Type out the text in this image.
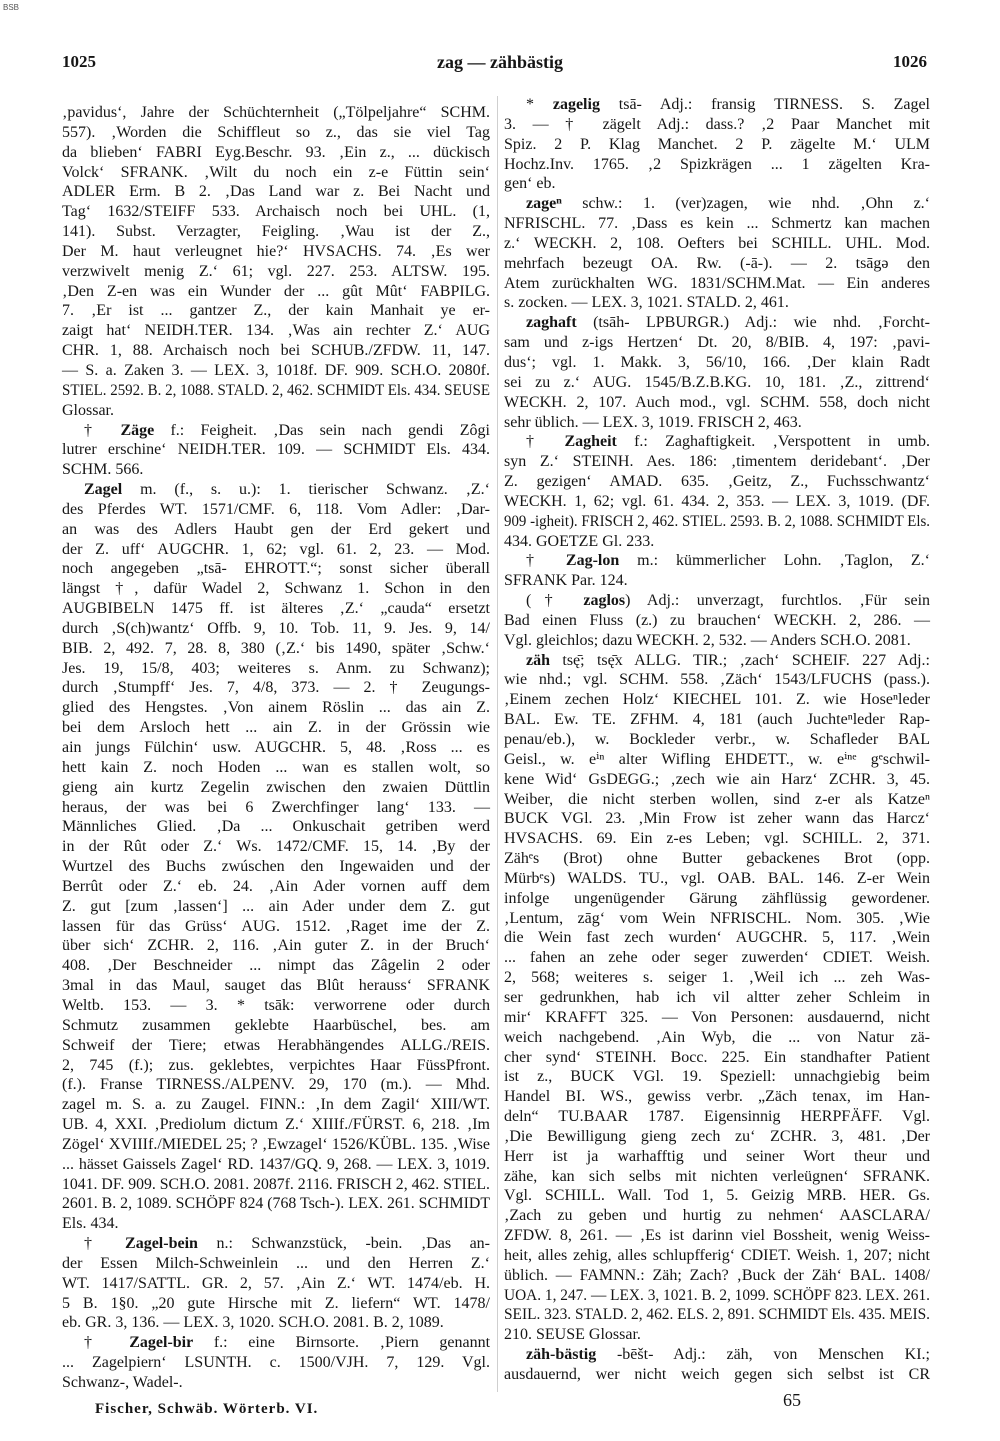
BSB
1025	zag — zähbästig	1026
‚pavidus‘, Jahre der Schüchternheit („Tölpeljahre“ SCHM.
557). ‚Worden die Schiffleut so z., das sie viel Tag
da blieben‘ FABRI Eyg.Beschr. 93. ‚Ein z., ... dückisch
Volck‘ SFRANK. ‚Wilt du noch ein z-e Füttin sein‘
ADLER Erm. B 2. ‚Das Land war z. Bei Nacht und
Tag‘ 1632/STEIFF 533. Archaisch noch bei UHL. (1,
141). Subst. Verzagter, Feigling. ‚Wau ist der Z.,
Der M. haut verleugnet hie?‘ HVSACHS. 74. ‚Es wer
verzwivelt menig Z.‘ 61; vgl. 227. 253. ALTSW. 195.
‚Den Z-en was ein Wunder der ... gût Mût‘ FABPILG.
7. ‚Er ist ... gantzer Z., der kain Manhait ye er-
zaigt hat‘ NEIDH.TER. 134. ‚Was ain rechter Z.‘ AUG
CHR. 1, 88. Archaisch noch bei SCHUB./ZFDW. 11, 147.
— S. a. Zaken 3. — LEX. 3, 1018f. DF. 909. SCH.O. 2080f.
STIEL. 2592. B. 2, 1088. STALD. 2, 462. SCHMIDT Els. 434. SEUSE
Glossar.
† Zäge f.: Feigheit. ‚Das sein nach gendi Zôgi
lutrer erschine‘ NEIDH.TER. 109. — SCHMIDT Els. 434.
SCHM. 566.
Zagel m. (f., s. u.): 1. tierischer Schwanz. ‚Z.‘
des Pferdes WT. 1571/CMF. 6, 118. Vom Adler: ‚Dar-
an was des Adlers Haubt gen der Erd gekert und
der Z. uff‘ AUGCHR. 1, 62; vgl. 61. 2, 23. — Mod.
noch angegeben „tsā- EHROTT.“; sonst sicher überall
längst †, dafür Wadel 2, Schwanz 1. Schon in den
AUGBIBELN 1475 ff. ist älteres ‚Z.‘ „cauda“ ersetzt
durch ‚S(ch)wantz‘ Offb. 9, 10. Tob. 11, 9. Jes. 9, 14/
BIB. 2, 492. 7, 28. 8, 380 (‚Z.‘ bis 1490, später ‚Schw.‘
Jes. 19, 15/8, 403; weiteres s. Anm. zu Schwanz);
durch ‚Stumpff‘ Jes. 7, 4/8, 373. — 2. † Zeugungs-
glied des Hengstes. ‚Von ainem Röslin ... das ain Z.
bei dem Arsloch hett ... ain Z. in der Grössin wie
ain jungs Fülchin‘ usw. AUGCHR. 5, 48. ‚Ross ... es
hett kain Z. noch Hoden ... wan es stallen wolt, so
gieng ain kurtz Zegelin zwischen den zwaien Düttlin
heraus, der was bei 6 Zwerchfinger lang‘ 133. —
Männliches Glied. ‚Da ... Onkuschait getriben werd
in der Rût oder Z.‘ Ws. 1472/CMF. 15, 14. ‚By der
Wurtzel des Buchs zwúschen den Ingewaiden und der
Berrût oder Z.‘ eb. 24. ‚Ain Ader vornen auff dem
Z. gut [zum ‚lassen‘] ... ain Ader under dem Z. gut
lassen für das Grüss‘ AUG. 1512. ‚Raget ime der Z.
über sich‘ ZCHR. 2, 116. ‚Ain guter Z. in der Bruch‘
408. ‚Der Beschneider ... nimpt das Zâgelin 2 oder
3mal in das Maul, sauget das Blût herauss‘ SFRANK
Weltb. 153. — 3. * tsāk: verworrene oder durch
Schmutz zusammen geklebte Haarbüschel, bes. am
Schweif der Tiere; etwas Herabhängendes ALLG./REIS.
2, 745 (f.); zus. geklebtes, verpichtes Haar FüssPfront.
(f.). Franse TIRNESS./ALPENV. 29, 170 (m.). — Mhd.
zagel m. S. a. zu Zaugel. FINN.: ‚In dem Zagil‘ XIII/WT.
UB. 4, XXI. ‚Prediolum dictum Z.‘ XIIIf./FÜRST. 6, 218. ‚Im
Zögel‘ XVIIIf./MIEDEL 25; ? ‚Ewzagel‘ 1526/KÜBL. 135. ‚Wise
... hässet Gaissels Zagel‘ RD. 1437/GQ. 9, 268. — LEX. 3, 1019.
1041. DF. 909. SCH.O. 2081. 2087f. 2116. FRISCH 2, 462. STIEL.
2601. B. 2, 1089. SCHÖPF 824 (768 Tsch-). LEX. 261. SCHMIDT
Els. 434.
† Zagel-bein n.: Schwanzstück, -bein. ‚Das an-
der Essen Milch-Schweinlein ... und den Herren Z.‘
WT. 1417/SATTL. GR. 2, 57. ‚Ain Z.‘ WT. 1474/eb. H.
5 B. 1§0. „20 gute Hirsche mit Z. liefern“ WT. 1478/
eb. GR. 3, 136. — LEX. 3, 1020. SCH.O. 2081. B. 2, 1089.
† Zagel-bir f.: eine Birnsorte. ‚Piern genannt
... Zagelpiern‘ LSUNTH. c. 1500/VJH. 7, 129. Vgl.
Schwanz-, Wadel-.
* zagelig tsā- Adj.: fransig TIRNESS. S. Zagel
3. — † zägelt Adj.: dass.? ‚2 Paar Manchet mit
Spiz. 2 P. Klag Manchet. 2 P. zägelte M.‘ ULM
Hochz.Inv. 1765. ‚2 Spizkrägen ... 1 zägelten Kra-
gen‘ eb.
zageⁿ schw.: 1. (ver)zagen, wie nhd. ‚Ohn z.‘
NFRISCHL. 77. ‚Dass es kein ... Schmertz kan machen
z.‘ WECKH. 2, 108. Oefters bei SCHILL. UHL. Mod.
mehrfach bezeugt OA. Rw. (-ā-). — 2. tsāgə den
Atem zurückhalten WG. 1831/SCHM.Mat. — Ein anderes
s. zocken. — LEX. 3, 1021. STALD. 2, 461.
zaghaft (tsāh- LPBURGR.) Adj.: wie nhd. ‚Forcht-
sam und z-igs Hertzen‘ Dt. 20, 8/BIB. 4, 197: ‚pavi-
dus‘; vgl. 1. Makk. 3, 56/10, 166. ‚Der klain Radt
sei zu z.‘ AUG. 1545/B.Z.B.KG. 10, 181. ‚Z., zittrend‘
WECKH. 2, 107. Auch mod., vgl. SCHM. 558, doch nicht
sehr üblich. — LEX. 3, 1019. FRISCH 2, 463.
† Zagheit f.: Zaghaftigkeit. ‚Verspottent in umb.
syn Z.‘ STEINH. Aes. 186: ‚timentem deridebant‘. ‚Der
Z. gezigen‘ AMAD. 635. ‚Geitz, Z., Fuchsschwantz‘
WECKH. 1, 62; vgl. 61. 434. 2, 353. — LEX. 3, 1019. (DF.
909 -igheit). FRISCH 2, 462. STIEL. 2593. B. 2, 1088. SCHMIDT Els.
434. GOETZE Gl. 233.
† Zag-lon m.: kümmerlicher Lohn. ‚Taglon, Z.‘
SFRANK Par. 124.
(† zaglos) Adj.: unverzagt, furchtlos. ‚Für sein
Bad einen Fluss (z.) zu brauchen‘ WECKH. 2, 286. —
Vgl. gleichlos; dazu WECKH. 2, 532. — Anders SCH.O. 2081.
zäh tsę̄; tsę̄x ALLG. TIR.; ‚zach‘ SCHEIF. 227 Adj.:
wie nhd.; vgl. SCHM. 558. ‚Zäch‘ 1543/LFUCHS (pass.).
‚Einem zechen Holz‘ KIECHEL 101. Z. wie Hoseⁿleder
BAL. Ew. TE. ZFHM. 4, 181 (auch Juchteⁿleder Rap-
penau/eb.), w. Bockleder verbr., w. Schafleder BAL
Geisl., w. eⁱⁿ alter Wifling EHDETT., w. eⁱⁿᵉ gᵉschwil-
kene Wid‘ GsDEGG.; ‚zech wie ain Harz‘ ZCHR. 3, 45.
Weiber, die nicht sterben wollen, sind z-er als Katzeⁿ
BUCK VGl. 23. ‚Min Frow ist zeher wann das Harcz‘
HVSACHS. 69. Ein z-es Leben; vgl. SCHILL. 2, 371.
Zähᵉs (Brot) ohne Butter gebackenes Brot (opp.
Mürbᵉs) WALDS. TU., vgl. OAB. BAL. 146. Z-er Wein
infolge ungenügender Gärung zähflüssig gewordener.
‚Lentum, zāg‘ vom Wein NFRISCHL. Nom. 305. ‚Wie
die Wein fast zech wurden‘ AUGCHR. 5, 117. ‚Wein
... fahen an zehe oder seger zuwerden‘ CDIET. Weish.
2, 568; weiteres s. seiger 1. ‚Weil ich ... zeh Was-
ser gedrunkhen, hab ich vil altter zeher Schleim in
mir‘ KRAFFT 325. — Von Personen: ausdauernd, nicht
weich nachgebend. ‚Ain Wyb, die ... von Natur zä-
cher synd‘ STEINH. Bocc. 225. Ein standhafter Patient
ist z., BUCK VGl. 19. Speziell: unnachgiebig beim
Handel BI. WS., gewiss verbr. „Zäch tenax, im Han-
deln“ TU.BAAR 1787. Eigensinnig HERPFÄFF. Vgl.
‚Die Bewilligung gieng zech zu‘ ZCHR. 3, 481. ‚Der
Herr ist ja warhafftig und seiner Wort theur und
zähe, kan sich selbs mit nichten verleügnen‘ SFRANK.
Vgl. SCHILL. Wall. Tod 1, 5. Geizig MRB. HER. Gs.
‚Zach zu geben und hurtig zu nehmen‘ AASCLARA/
ZFDW. 8, 261. — ‚Es ist darinn viel Bossheit, wenig Weiss-
heit, alles zehig, alles schlupfferig‘ CDIET. Weish. 1, 207; nicht
üblich. — FAMNN.: Zäh; Zach? ‚Buck der Zäh‘ BAL. 1408/
UOA. 1, 247. — LEX. 3, 1021. B. 2, 1099. SCHÖPF 823. LEX. 261.
SEIL. 323. STALD. 2, 462. ELS. 2, 891. SCHMIDT Els. 435. MEIS.
210. SEUSE Glossar.
zäh-bästig -bēšt- Adj.: zäh, von Menschen KI.;
ausdauernd, wer nicht weich gegen sich selbst ist CR
65
Fischer, Schwäb. Wörterb. VI.
